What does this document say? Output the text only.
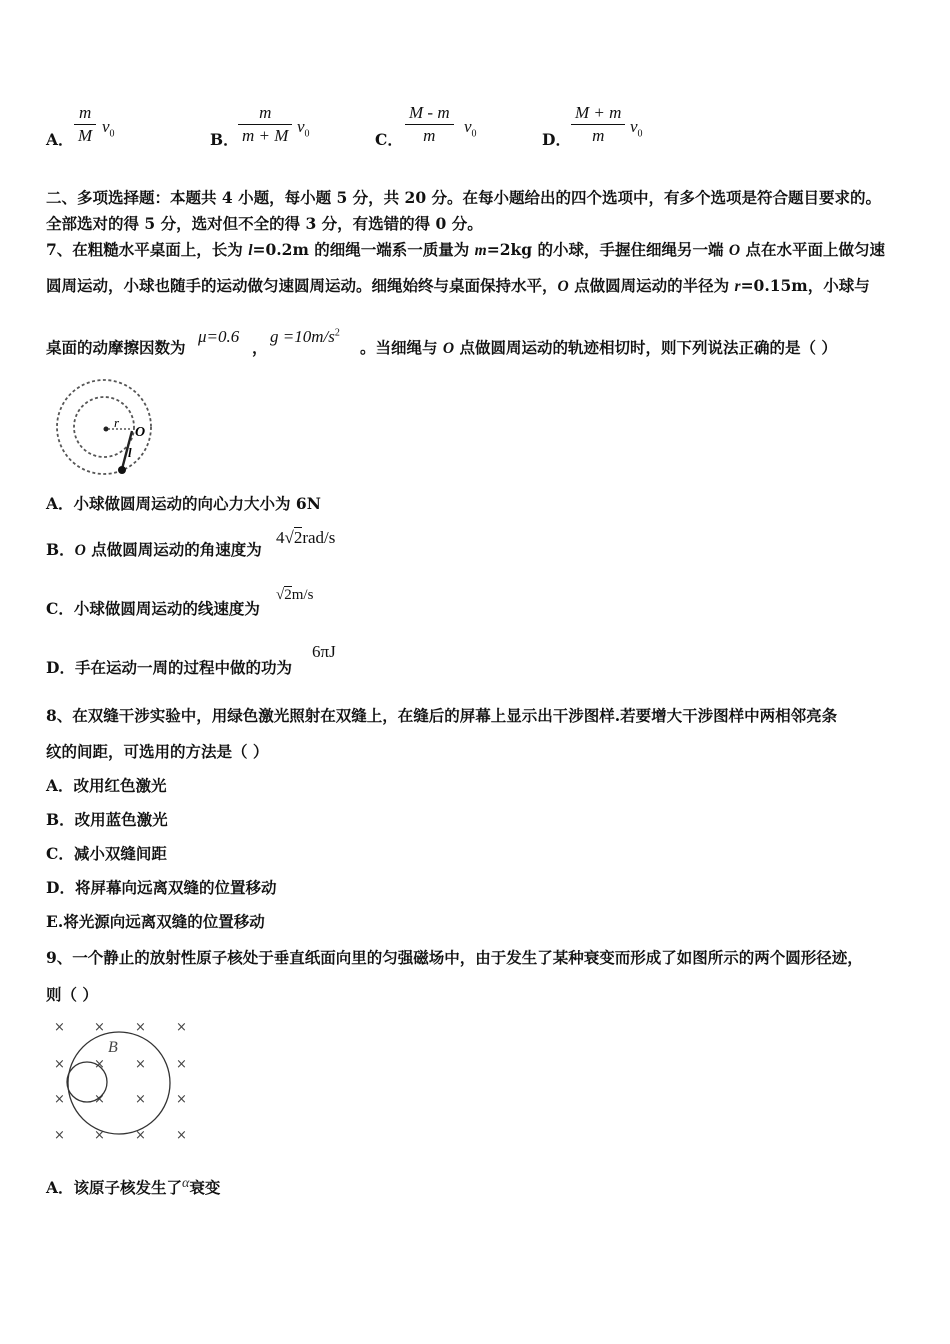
A． $\frac{m}{M} v_0$	B． $\frac{m}{m + M} v_0$	C． $\frac{M - m}{m} v_0$	D． $\frac{M + m}{m} v_0$
二、多项选择题：本题共 4 小题，每小题 5 分，共 20 分。在每小题给出的四个选项中，有多个选项是符合题目要求的。
全部选对的得 5 分，选对但不全的得 3 分，有选错的得 0 分。
7、在粗糙水平桌面上，长为 l=0.2m 的细绳一端系一质量为 m=2kg 的小球，手握住细绳另一端 O 点在水平面上做匀速
圆周运动，小球也随手的运动做匀速圆周运动。细绳始终与桌面保持水平，O 点做圆周运动的半径为 r=0.15m，小球与
桌面的动摩擦因数为
μ=0.6
，
$g =10m/s^2$
。当细绳与 O 点做圆周运动的轨迹相切时，则下列说法正确的是（ ）
r
O
l
A．小球做圆周运动的向心力大小为 6N
B．O 点做圆周运动的角速度为
4√2rad/s
C．小球做圆周运动的线速度为
√2m/s
D．手在运动一周的过程中做的功为
6πJ
8、在双缝干涉实验中，用绿色激光照射在双缝上，在缝后的屏幕上显示出干涉图样.若要增大干涉图样中两相邻亮条
纹的间距，可选用的方法是（ ）
A．改用红色激光
B．改用蓝色激光
C．减小双缝间距
D．将屏幕向远离双缝的位置移动
E.将光源向远离双缝的位置移动
9、一个静止的放射性原子核处于垂直纸面向里的匀强磁场中，由于发生了某种衰变而形成了如图所示的两个圆形径迹，
则（ ）
× × × ×
× × × ×
× × × ×
× × × ×
B
A．该原子核发生了α衰变
